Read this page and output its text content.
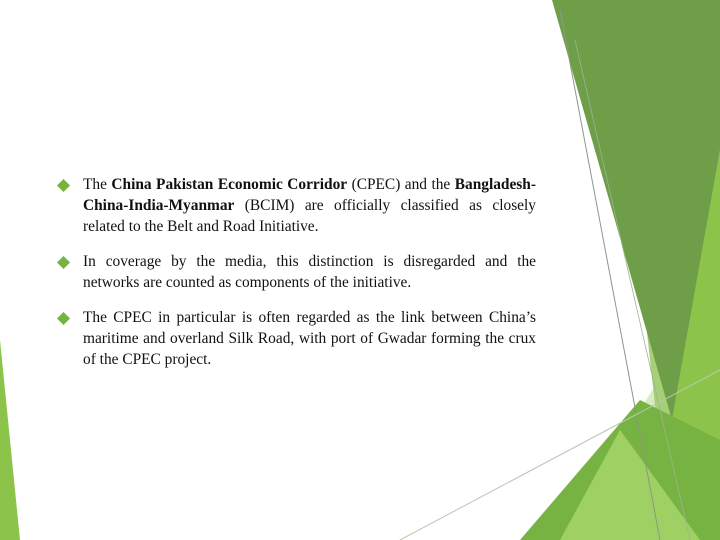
The China Pakistan Economic Corridor (CPEC) and the Bangladesh-China-India-Myanmar (BCIM) are officially classified as closely related to the Belt and Road Initiative.
In coverage by the media, this distinction is disregarded and the networks are counted as components of the initiative.
The CPEC in particular is often regarded as the link between China’s maritime and overland Silk Road, with port of Gwadar forming the crux of the CPEC project.
